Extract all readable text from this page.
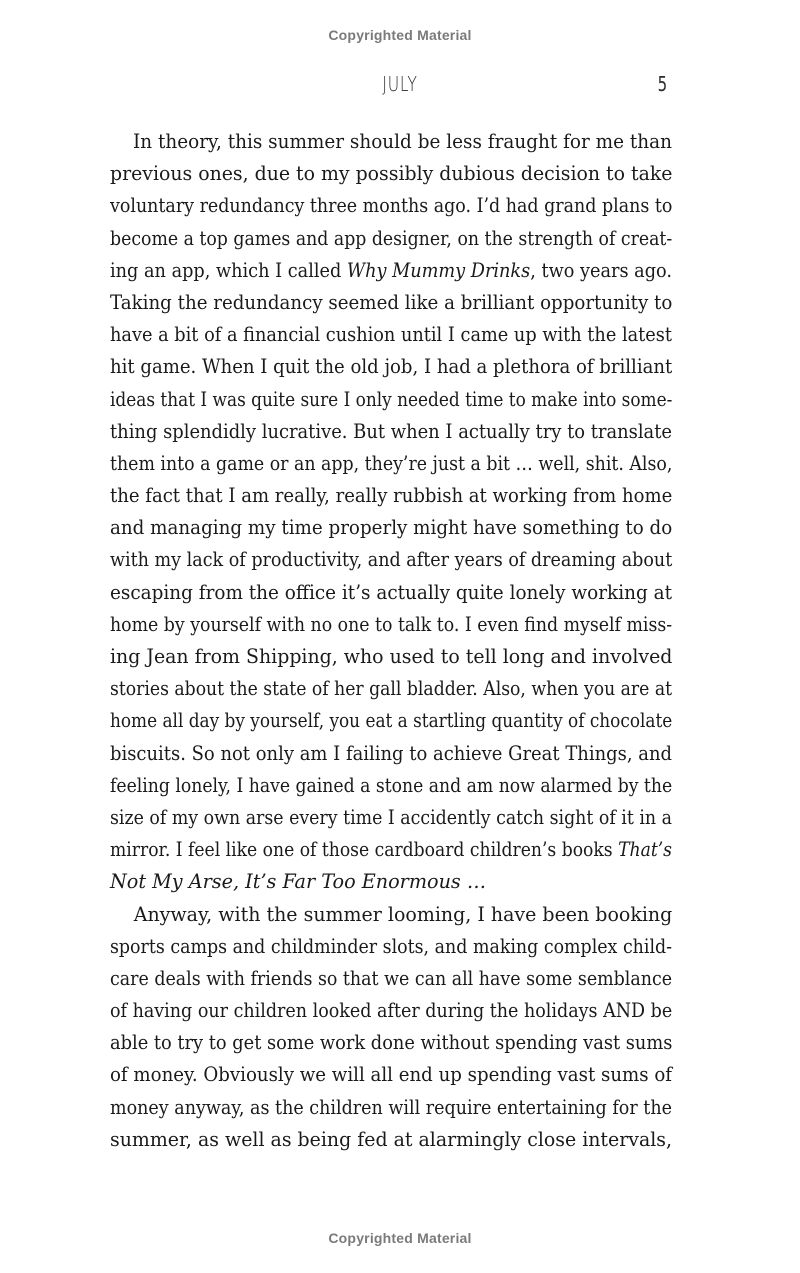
Copyrighted Material
JULY	5
In theory, this summer should be less fraught for me than
previous ones, due to my possibly dubious decision to take
voluntary redundancy three months ago. I’d had grand plans to
become a top games and app designer, on the strength of creat-
ing an app, which I called Why Mummy Drinks, two years ago.
Taking the redundancy seemed like a brilliant opportunity to
have a bit of a financial cushion until I came up with the latest
hit game. When I quit the old job, I had a plethora of brilliant
ideas that I was quite sure I only needed time to make into some-
thing splendidly lucrative. But when I actually try to translate
them into a game or an app, they’re just a bit … well, shit. Also,
the fact that I am really, really rubbish at working from home
and managing my time properly might have something to do
with my lack of productivity, and after years of dreaming about
escaping from the office it’s actually quite lonely working at
home by yourself with no one to talk to. I even find myself miss-
ing Jean from Shipping, who used to tell long and involved
stories about the state of her gall bladder. Also, when you are at
home all day by yourself, you eat a startling quantity of chocolate
biscuits. So not only am I failing to achieve Great Things, and
feeling lonely, I have gained a stone and am now alarmed by the
size of my own arse every time I accidently catch sight of it in a
mirror. I feel like one of those cardboard children’s books That’s
Not My Arse, It’s Far Too Enormous …
Anyway, with the summer looming, I have been booking
sports camps and childminder slots, and making complex child-
care deals with friends so that we can all have some semblance
of having our children looked after during the holidays AND be
able to try to get some work done without spending vast sums
of money. Obviously we will all end up spending vast sums of
money anyway, as the children will require entertaining for the
summer, as well as being fed at alarmingly close intervals,
Copyrighted Material
